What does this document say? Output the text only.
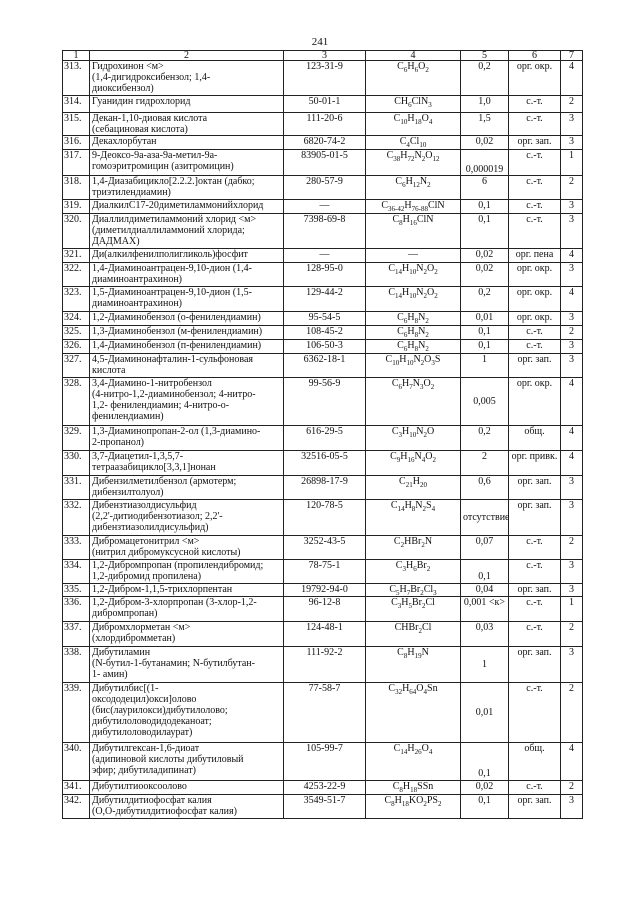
241
1	2	3	4	5	6	7
313.	Гидрохинон <м>
(1,4-дигидроксибензол; 1,4-
диоксибензол)	123-31-9	$C_6H_6O_2$	0,2	орг. окр.	4
314.	Гуанидин гидрохлорид	50-01-1	$CH_6ClN_3$	1,0	с.-т.	2
315.	Декан-1,10-диовая кислота
(себациновая кислота)	111-20-6	$C_{10}H_{18}O_4$	1,5	с.-т.	3
316.	Декахлорбутан	6820-74-2	$C_4Cl_{10}$	0,02	орг. зап.	3
317.	9-Деоксо-9а-аза-9а-метил-9а-
гомоэритромицин (азитромицин)	83905-01-5	$C_{38}H_{72}N_2O_{12}$	0,000019	с.-т.	1
318.	1,4-Диазабицикло[2.2.2.]октан (дабко;
триэтилендиамин)	280-57-9	$C_6H_{12}N_2$	6	с.-т.	2
319.	ДиалкилС17-20диметиламмонийхлорид	—	$C_{36-42}H_{76-88}ClN$	0,1	с.-т.	3
320.	Диаллилдиметиламмоний хлорид <м>
(диметилдиаллиламмоний хлорида;
ДАДМАХ)	7398-69-8	$C_8H_{16}ClN$	0,1	с.-т.	3
321.	Ди(алкилфенилполигликоль)фосфит	—	—	0,02	орг. пена	4
322.	1,4-Диаминоантрацен-9,10-дион (1,4-
диаминоантрахинон)	128-95-0	$C_{14}H_{10}N_2O_2$	0,02	орг. окр.	3
323.	1,5-Диаминоантрацен-9,10-дион (1,5-
диаминоантрахинон)	129-44-2	$C_{14}H_{10}N_2O_2$	0,2	орг. окр.	4
324.	1,2-Диаминобензол (о-фенилендиамин)	95-54-5	$C_6H_8N_2$	0,01	орг. окр.	3
325.	1,3-Диаминобензол (м-фенилендиамин)	108-45-2	$C_6H_8N_2$	0,1	с.-т.	2
326.	1,4-Диаминобензол (п-фенилендиамин)	106-50-3	$C_6H_8N_2$	0,1	с.-т.	3
327.	4,5-Диаминонафталин-1-сульфоновая
кислота	6362-18-1	$C_{10}H_{10}N_2O_3S$	1	орг. зап.	3
328.	3,4-Диамино-1-нитробензол
(4-нитро-1,2-диаминобензол; 4-нитро-
1,2- фенилендиамин; 4-нитро-о-
фенилендиамин)	99-56-9	$C_6H_7N_3O_2$	0,005	орг. окр.	4
329.	1,3-Диаминопропан-2-ол (1,3-диамино-
2-пропанол)	616-29-5	$C_3H_{10}N_2O$	0,2	общ.	4
330.	3,7-Диацетил-1,3,5,7-
тетраазабицикло[3,3,1]нонан	32516-05-5	$C_9H_{16}N_4O_2$	2	орг. привк.	4
331.	Дибензилметилбензол (армотерм;
дибензилтолуол)	26898-17-9	$C_{21}H_{20}$	0,6	орг. зап.	3
332.	Дибензтиазолдисульфид
(2,2'-дитиодибензотиазол; 2,2'-
дибензтиазолилдисульфид)	120-78-5	$C_{14}H_8N_2S_4$	отсутствие	орг. зап.	3
333.	Дибромацетонитрил <м>
(нитрил дибромуксусной кислоты)	3252-43-5	$C_2HBr_2N$	0,07	с.-т.	2
334.	1,2-Дибромпропан (пропилендибромид;
1,2-дибромид пропилена)	78-75-1	$C_3H_6Br_2$	0,1	с.-т.	3
335.	1,2-Дибром-1,1,5-трихлорпентан	19792-94-0	$C_5H_7Br_2Cl_3$	0,04	орг. зап.	3
336.	1,2-Дибром-3-хлорпропан (3-хлор-1,2-
дибромпропан)	96-12-8	$C_3H_5Br_2Cl$	0,001 <к>	с.-т.	1
337.	Дибромхлорметан <м>
(хлордибромметан)	124-48-1	CHBr$_2$Cl	0,03	с.-т.	2
338.	Дибутиламин
(N-бутил-1-бутанамин; N-бутилбутан-
1- амин)	111-92-2	$C_8H_{19}N$	1	орг. зап.	3
339.	Дибутилбис[(1-
оксододецил)окси]олово
(бис(лаурилокси)дибутилолово;
дибутилоловодидодеканоат;
дибутилоловодилаурат)	77-58-7	$C_{32}H_{64}O_4Sn$	0,01	с.-т.	2
340.	Дибутилгексан-1,6-диоат
(адипиновой кислоты дибутиловый
эфир; дибутиладипинат)	105-99-7	$C_{14}H_{26}O_4$	0,1	общ.	4
341.	Дибутилтиооксоолово	4253-22-9	$C_8H_{18}SSn$	0,02	с.-т.	2
342.	Дибутилдитиофосфат калия
(О,О-дибутилдитиофосфат калия)	3549-51-7	$C_8H_{18}KO_2PS_2$	0,1	орг. зап.	3
